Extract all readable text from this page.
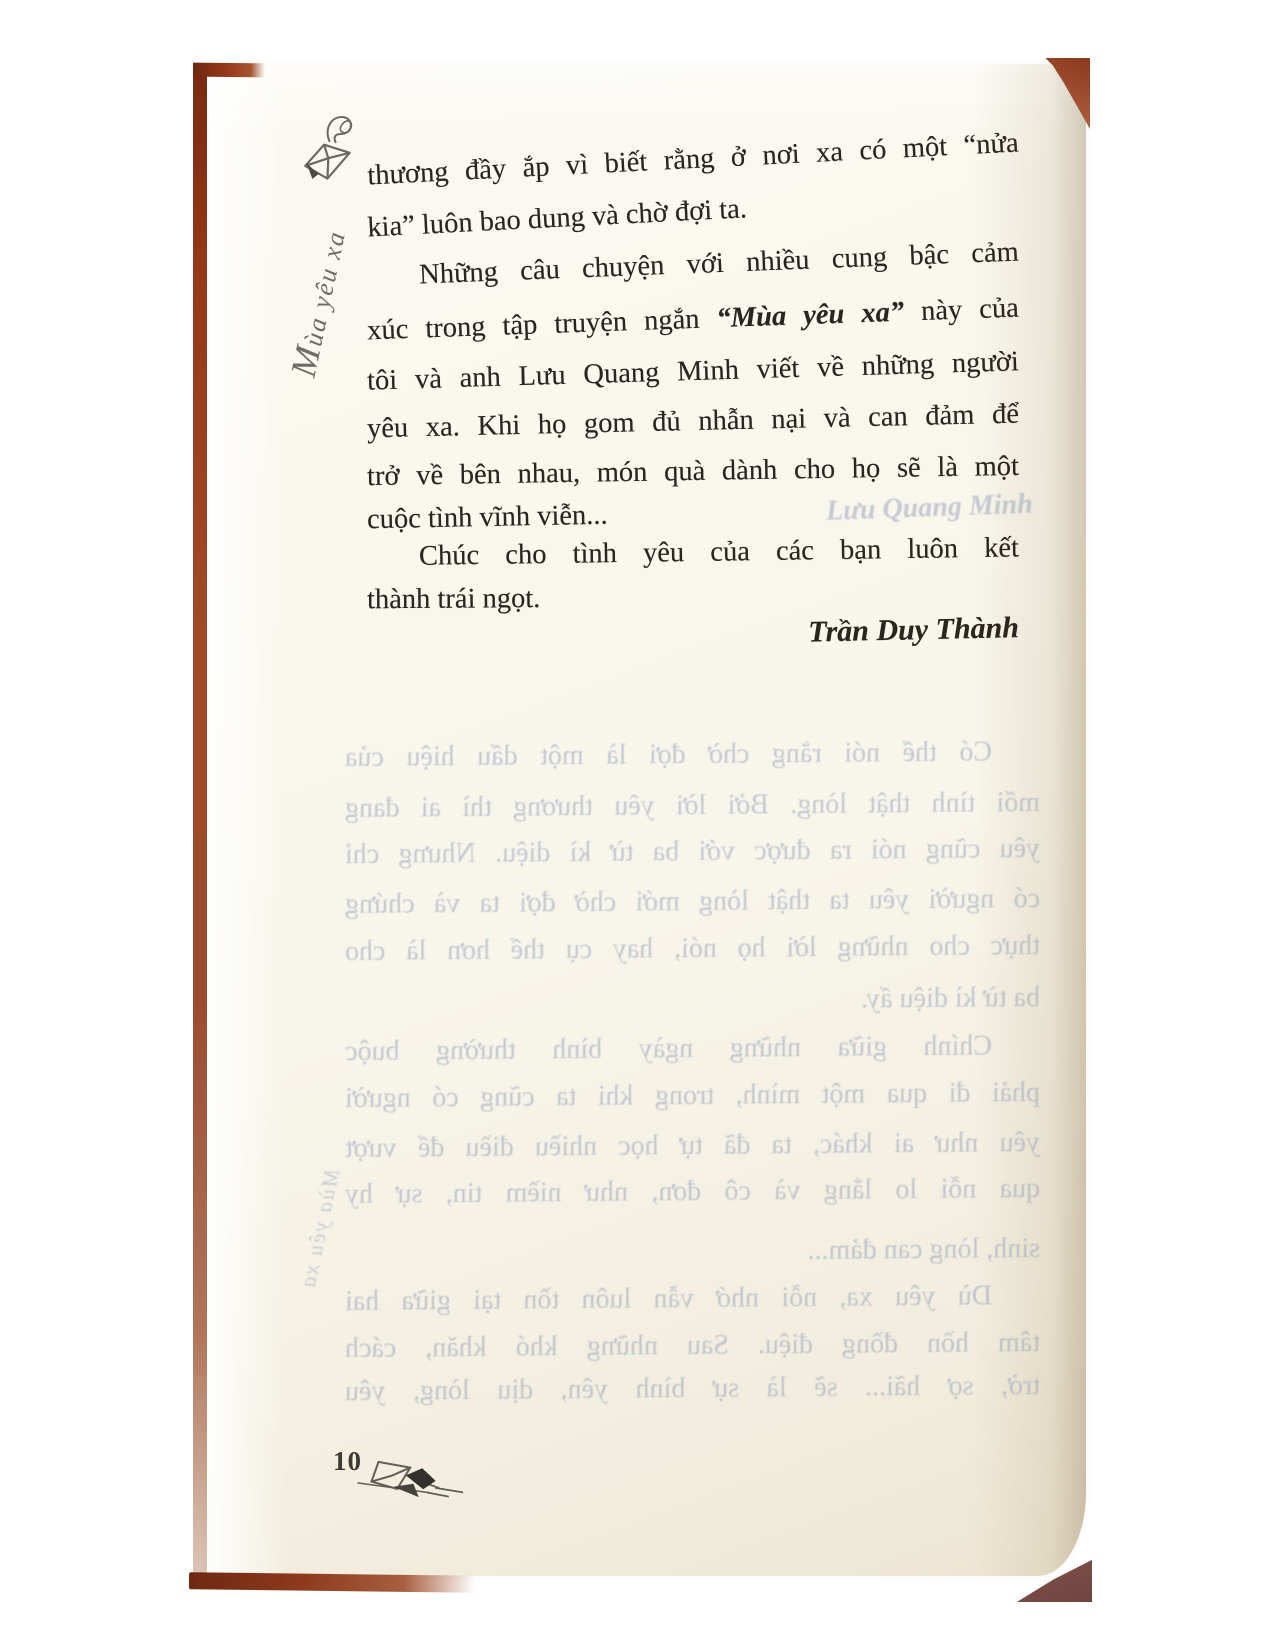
Mùa yêu xa
Có thể nói rằng chờ đợi là một dấu hiệu của
mối tình thật lòng. Bởi lời yêu thương thì ai đang
yêu cũng nói ra được với ba từ kì diệu. Nhưng chỉ
có người yêu ta thật lòng mới chờ đợi ta và chứng
thực cho những lời họ nói, hay cụ thể hơn là cho
ba từ kì diệu ấy.
Chính giữa những ngày bình thường buộc
phải đi qua một mình, trong khi ta cũng có người
yêu như ai khác, ta đã tự học nhiều điều để vượt
qua nỗi lo lắng và cô đơn, như niềm tin, sự hy
sinh, lòng can đảm...
Dù yêu xa, nỗi nhớ vẫn luôn tồn tại giữa hai
tâm hồn đồng điệu. Sau những khó khăn, cách
trở, sợ hãi... sẽ là sự bình yên, dịu lòng, yêu
Lưu Quang Minh
Mùa yêu xa
thương đầy ắp vì biết rằng ở nơi xa có một “nửa
kia” luôn bao dung và chờ đợi ta.
Những câu chuyện với nhiều cung bậc cảm
xúc trong tập truyện ngắn “Mùa yêu xa” này của
tôi và anh Lưu Quang Minh viết về những người
yêu xa. Khi họ gom đủ nhẫn nại và can đảm để
trở về bên nhau, món quà dành cho họ sẽ là một
cuộc tình vĩnh viễn...
Chúc cho tình yêu của các bạn luôn kết
thành trái ngọt.
Trần Duy Thành
10
